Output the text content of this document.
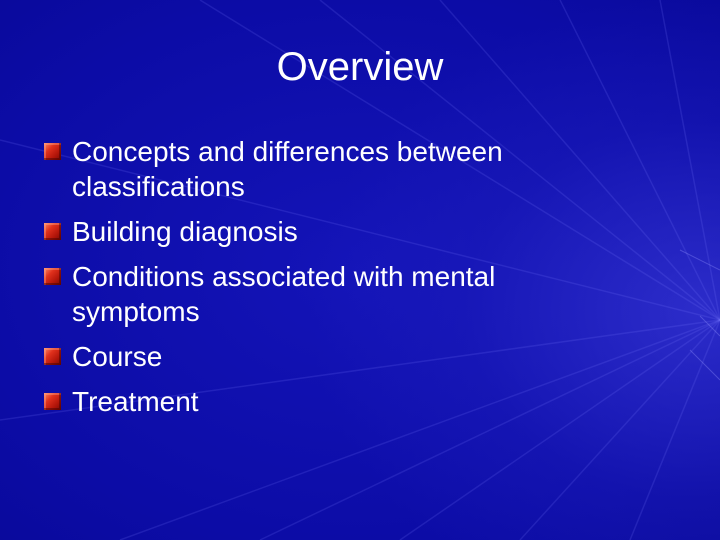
Overview
Concepts and differences between classifications
Building diagnosis
Conditions associated with mental symptoms
Course
Treatment
